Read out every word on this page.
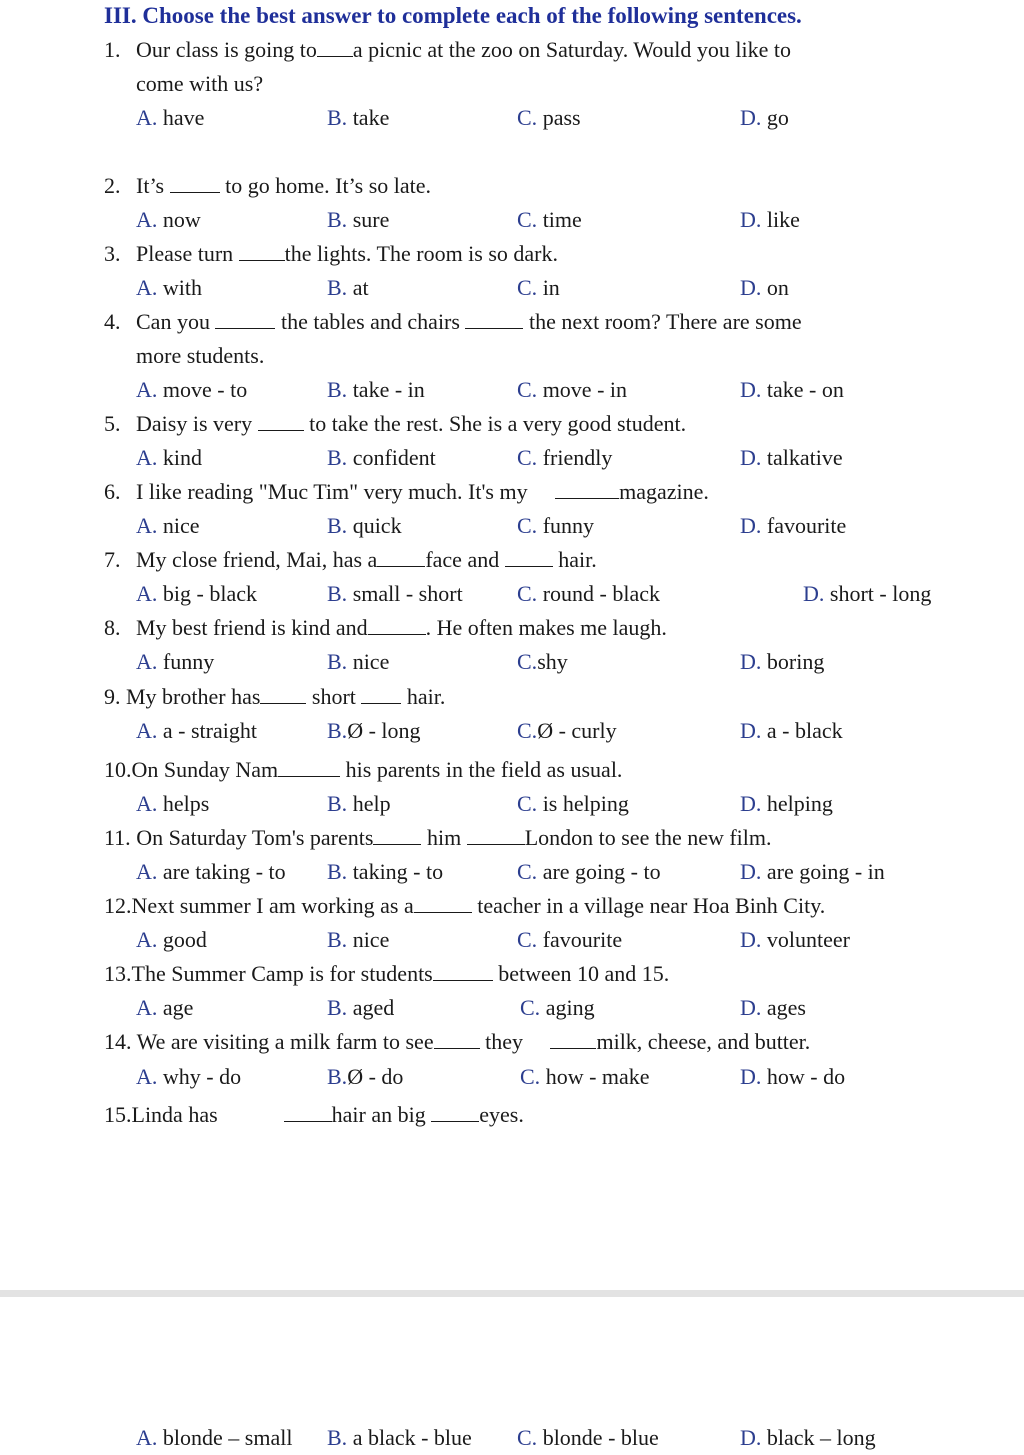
III. Choose the best answer to complete each of the following sentences.
1. Our class is going to a picnic at the zoo on Saturday. Would you like to
come with us?
A. have	B. take	C. pass	D. go
2. It’s	to go home. It’s so late.
A. now	B. sure	C. time	D. like
3. Please turn the lights. The room is so dark.
A. with	B. at	C. in	D. on
4. Can you	the tables and chairs	the next room? There are some
more students.
A. move - to	B. take - in	C. move - in	D. take - on
5. Daisy is very	to take the rest. She is a very good student.
A. kind	B. confident	C. friendly	D. talkative
6. I like reading "Muc Tim" very much. It's my	magazine.
A. nice	B. quick	C. funny	D. favourite
7. My close friend, Mai, has a face and	hair.
A. big - black	B. small - short C. round - black	D. short - long
8. My best friend is kind and	. He often makes me laugh.
A. funny	B. nice	C.shy	D. boring
9. My brother has short hair.
A. a - straight	B.Ø - long	C.Ø - curly	D. a - black
10.On Sunday Nam	his parents in the field as usual.
A. helps	B. help	C. is helping	D. helping
11. On Saturday Tom's parents him	London to see the new film.
A. are taking - to B. taking - to	C. are going - to	D. are going - in
12.Next summer I am working as a	teacher in a village near Hoa Binh City.
A. good	B. nice	C. favourite	D. volunteer
13.The Summer Camp is for students	between 10 and 15.
A. age	B. aged	C. aging	D. ages
14. We are visiting a milk farm to see they	milk, cheese, and butter.
A. why - do	B.Ø - do	C. how - make	D. how - do
15.Linda has	hair an big eyes.
A. blonde – small B. a black - blue C. blonde - blue	D. black – long
